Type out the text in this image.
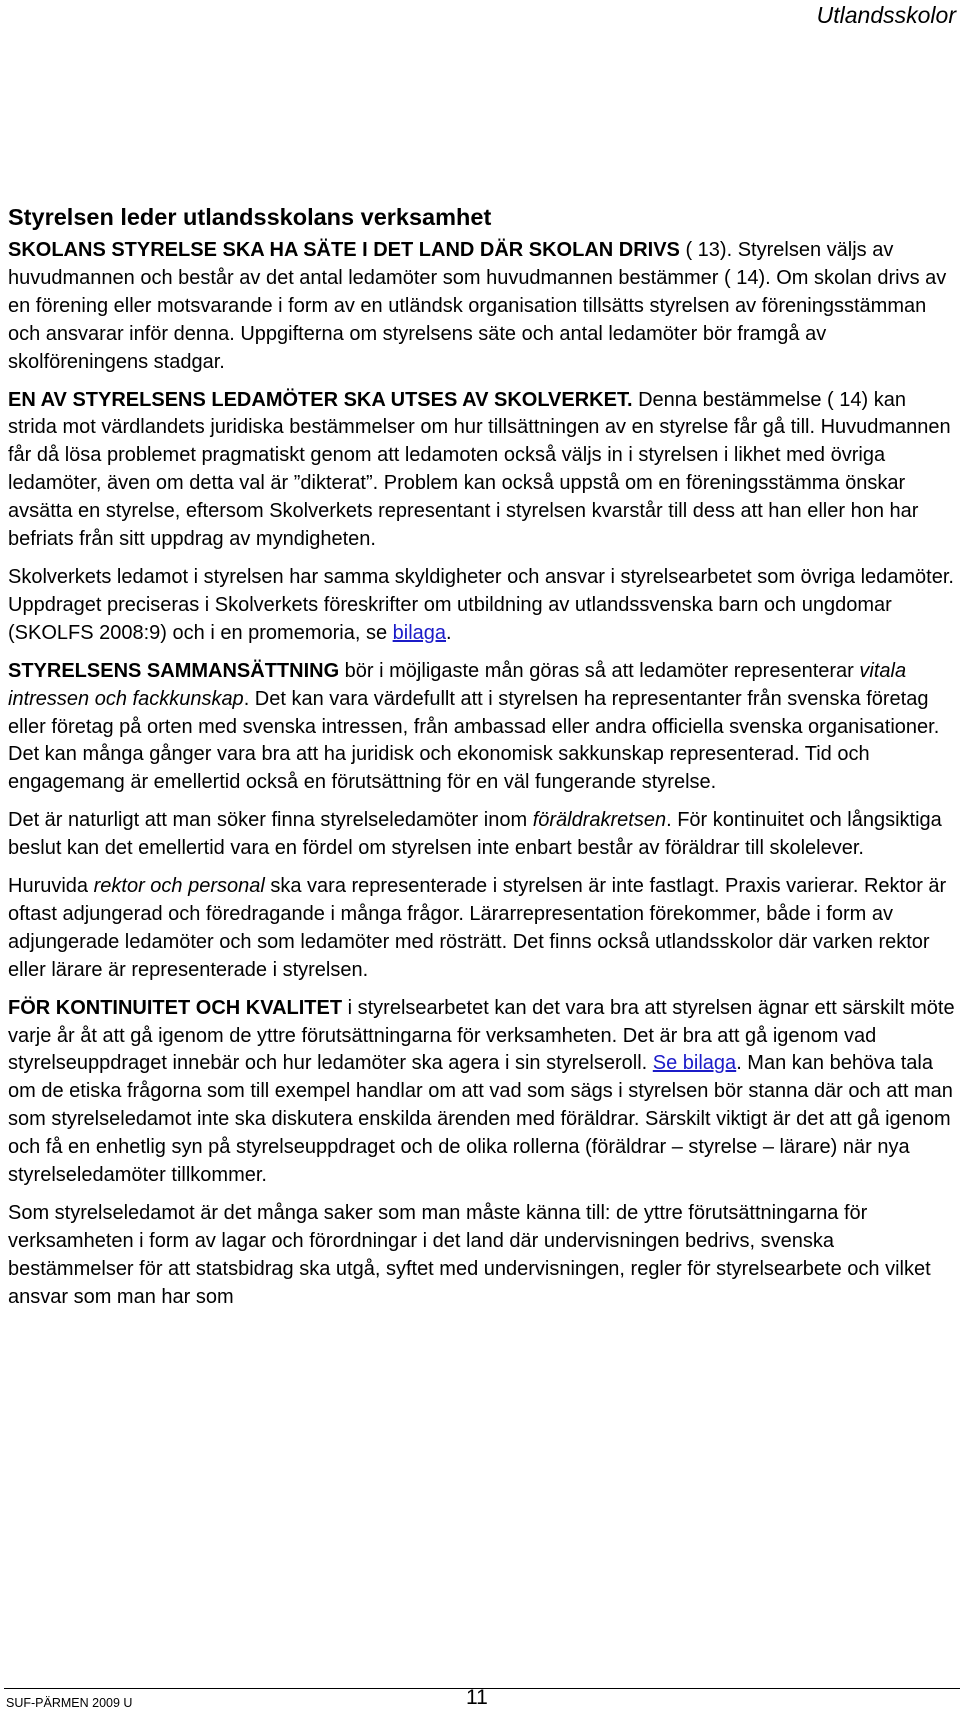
Utlandsskolor
Styrelsen leder utlandsskolans verksamhet

SKOLANS STYRELSE SKA HA SÄTE I DET LAND DÄR SKOLAN DRIVS ( 13). Styrelsen väljs av huvudmannen och består av det antal ledamöter som huvudmannen bestämmer ( 14). Om skolan drivs av en förening eller motsvarande i form av en utländsk organisation tillsätts styrelsen av föreningsstämman och ansvarar inför denna. Uppgifterna om styrelsens säte och antal ledamöter bör framgå av skolföreningens stadgar.

EN AV STYRELSENS LEDAMÖTER SKA UTSES AV SKOLVERKET. Denna bestämmelse ( 14) kan strida mot värdlandets juridiska bestämmelser om hur tillsättningen av en styrelse får gå till. Huvudmannen får då lösa problemet pragmatiskt genom att ledamoten också väljs in i styrelsen i likhet med övriga ledamöter, även om detta val är ”dikterat”. Problem kan också uppstå om en föreningsstämma önskar avsätta en styrelse, eftersom Skolverkets representant i styrelsen kvarstår till dess att han eller hon har befriats från sitt uppdrag av myndigheten.

Skolverkets ledamot i styrelsen har samma skyldigheter och ansvar i styrelsearbetet som övriga ledamöter. Uppdraget preciseras i Skolverkets föreskrifter om utbildning av utlandssvenska barn och ungdomar (SKOLFS 2008:9) och i en promemoria, se bilaga.

STYRELSENS SAMMANSÄTTNING bör i möjligaste mån göras så att ledamöter representerar vitala intressen och fackkunskap. Det kan vara värdefullt att i styrelsen ha representanter från svenska företag eller företag på orten med svenska intressen, från ambassad eller andra officiella svenska organisationer. Det kan många gånger vara bra att ha juridisk och ekonomisk sakkunskap representerad. Tid och engagemang är emellertid också en förutsättning för en väl fungerande styrelse.

Det är naturligt att man söker finna styrelseledamöter inom föräldrakretsen. För kontinuitet och långsiktiga beslut kan det emellertid vara en fördel om styrelsen inte enbart består av föräldrar till skolelever.

Huruvida rektor och personal ska vara representerade i styrelsen är inte fastlagt. Praxis varierar. Rektor är oftast adjungerad och föredragande i många frågor. Lärarrepresentation förekommer, både i form av adjungerade ledamöter och som ledamöter med rösträtt. Det finns också utlandsskolor där varken rektor eller lärare är representerade i styrelsen.

FÖR KONTINUITET OCH KVALITET i styrelsearbetet kan det vara bra att styrelsen ägnar ett särskilt möte varje år åt att gå igenom de yttre förutsättningarna för verksamheten. Det är bra att gå igenom vad styrelseuppdraget innebär och hur ledamöter ska agera i sin styrelseroll. Se bilaga. Man kan behöva tala om de etiska frågorna som till exempel handlar om att vad som sägs i styrelsen bör stanna där och att man som styrelseledamot inte ska diskutera enskilda ärenden med föräldrar. Särskilt viktigt är det att gå igenom och få en enhetlig syn på styrelseuppdraget och de olika rollerna (föräldrar – styrelse – lärare) när nya styrelseledamöter tillkommer.

Som styrelseledamot är det många saker som man måste känna till: de yttre förutsättningarna för verksamheten i form av lagar och förordningar i det land där undervisningen bedrivs, svenska bestämmelser för att statsbidrag ska utgå, syftet med undervisningen, regler för styrelsearbete och vilket ansvar som man har som

SUF-PÄRMEN 2009 U	11
